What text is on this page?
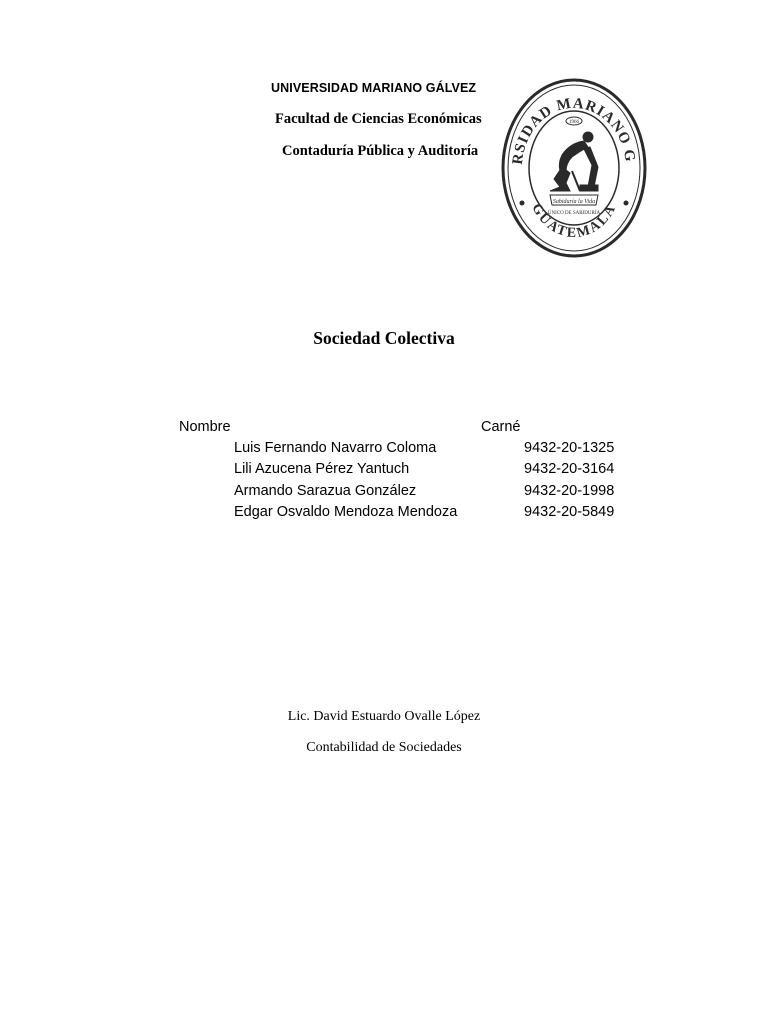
UNIVERSIDAD MARIANO GÁLVEZ
Facultad de Ciencias Económicas
Contaduría Pública y Auditoría	RSIDAD MARIANO G
GUATEMALA
1966
Sabiduría la Vida
ÚNICO DE SABIDURÍA
Sociedad Colectiva
Nombre	Carné
Luis Fernando Navarro Coloma	9432-20-1325
Lili Azucena Pérez Yantuch	9432-20-3164
Armando Sarazua González	9432-20-1998
Edgar Osvaldo Mendoza Mendoza	9432-20-5849
Lic. David Estuardo Ovalle López
Contabilidad de Sociedades
